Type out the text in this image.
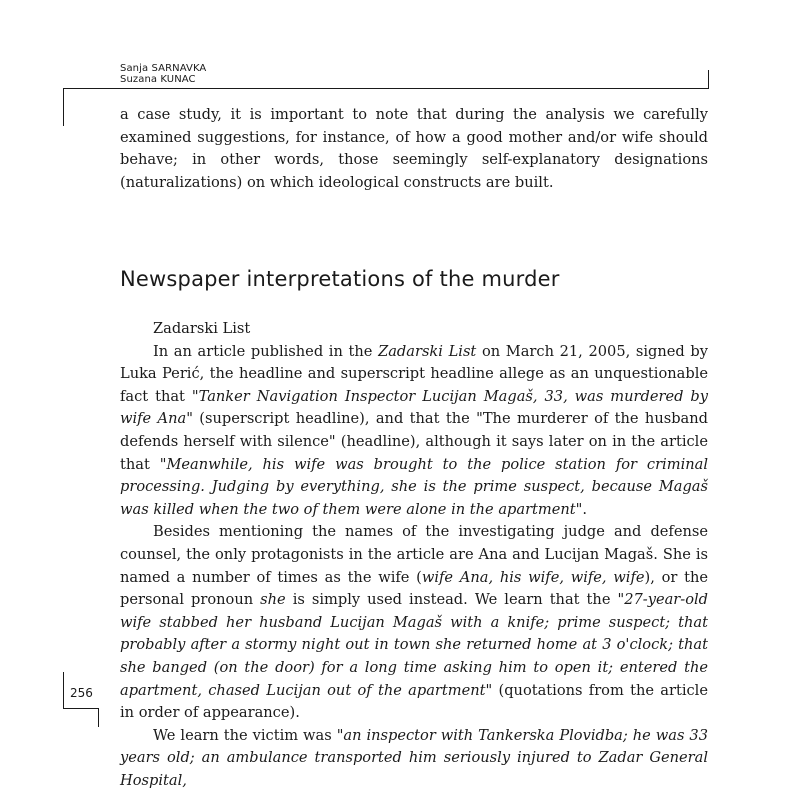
Sanja SARNAVKA
Suzana KUNAC

a case study, it is important to note that during the analysis we carefully examined suggestions, for instance, of how a good mother and/or wife should behave; in other words, those seemingly self-explanatory designations (naturalizations) on which ideological constructs are built.

Newspaper interpretations of the murder

Zadarski List

In an article published in the Zadarski List on March 21, 2005, signed by Luka Perić, the headline and superscript headline allege as an unquestionable fact that "Tanker Navigation Inspector Lucijan Magaš, 33, was murdered by wife Ana" (superscript headline), and that the "The murderer of the husband defends herself with silence" (headline), although it says later on in the article that "Meanwhile, his wife was brought to the police station for criminal processing. Judging by everything, she is the prime suspect, because Magaš was killed when the two of them were alone in the apartment".

Besides mentioning the names of the investigating judge and defense counsel, the only protagonists in the article are Ana and Lucijan Magaš. She is named a number of times as the wife (wife Ana, his wife, wife, wife), or the personal pronoun she is simply used instead. We learn that the "27-year-old wife stabbed her husband Lucijan Magaš with a knife; prime suspect; that probably after a stormy night out in town she returned home at 3 o'clock; that she banged (on the door) for a long time asking him to open it; entered the apartment, chased Lucijan out of the apartment" (quotations from the article in order of appearance).

We learn the victim was "an inspector with Tankerska Plovidba; he was 33 years old; an ambulance transported him seriously injured to Zadar General Hospital,

256
